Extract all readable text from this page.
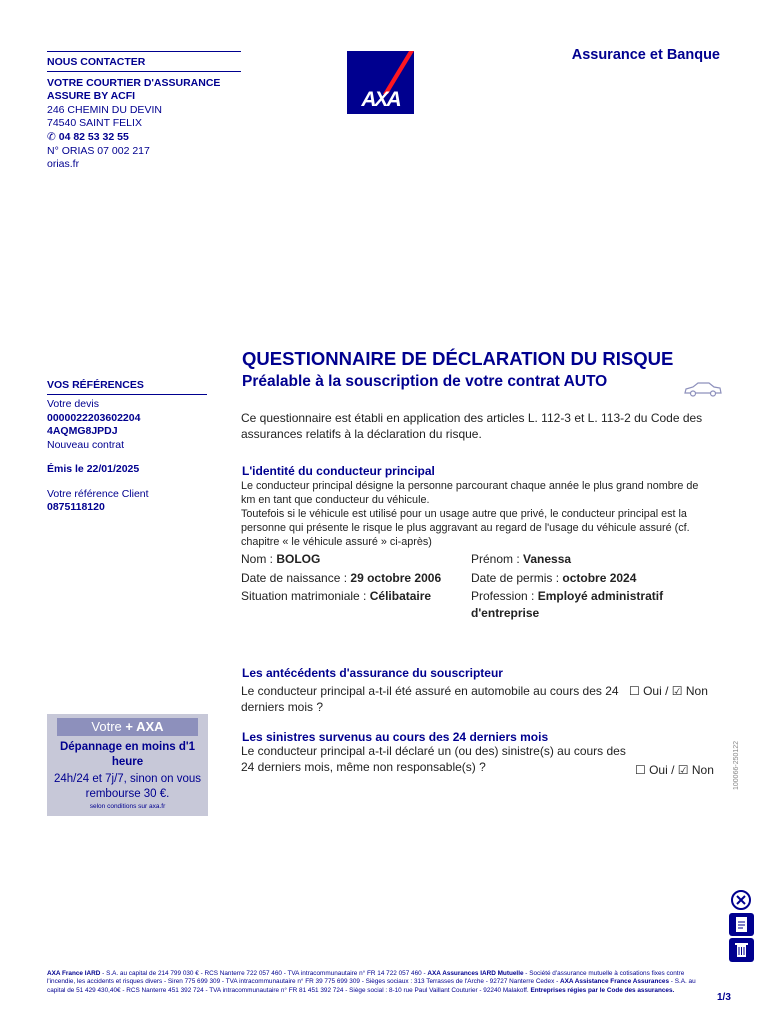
NOUS CONTACTER
VOTRE COURTIER D'ASSURANCE
ASSURE BY ACFI
246 CHEMIN DU DEVIN
74540 SAINT FELIX
✆ 04 82 53 32 55
N° ORIAS 07 002 217
orias.fr
AXA
Assurance et Banque
VOS RÉFÉRENCES
Votre devis
0000022203602204
4AQMG8JPDJ
Nouveau contrat
Émis le 22/01/2025
Votre référence Client
0875118120
QUESTIONNAIRE DE DÉCLARATION DU RISQUE
Préalable à la souscription de votre contrat AUTO
Ce questionnaire est établi en application des articles L. 112-3 et L. 113-2 du Code des
assurances relatifs à la déclaration du risque.
L'identité du conducteur principal
Le conducteur principal désigne la personne parcourant chaque année le plus grand nombre de
km en tant que conducteur du véhicule.
Toutefois si le véhicule est utilisé pour un usage autre que privé, le conducteur principal est la
personne qui présente le risque le plus aggravant au regard de l'usage du véhicule assuré (cf.
chapitre « le véhicule assuré » ci-après)
Nom : BOLOG	Prénom : Vanessa
Date de naissance : 29 octobre 2006 Date de permis : octobre 2024
Situation matrimoniale : Célibataire	Profession : Employé administratif
d'entreprise
Les antécédents d'assurance du souscripteur
Le conducteur principal a-t-il été assuré en automobile au cours des 24
derniers mois ?
☐ Oui / ☑ Non
Les sinistres survenus au cours des 24 derniers mois
Le conducteur principal a-t-il déclaré un (ou des) sinistre(s) au cours des
24 derniers mois, même non responsable(s) ?	☐ Oui / ☑ Non
Votre + AXA
Dépannage en moins d'1 heure
24h/24 et 7j/7, sinon on vous rembourse 30 €.
selon conditions sur axa.fr
100066-250122
AXA France IARD - S.A. au capital de 214 799 030 € - RCS Nanterre 722 057 460 - TVA intracommunautaire n° FR 14 722 057 460 - AXA Assurances IARD Mutuelle - Société d'assurance mutuelle à cotisations fixes contre l'incendie, les accidents et risques divers - Siren 775 699 309 - TVA intracommunautaire n° FR 39 775 699 309 - Sièges sociaux : 313 Terrasses de l'Arche - 92727 Nanterre Cedex - AXA Assistance France Assurances - S.A. au capital de 51 429 430,40€ - RCS Nanterre 451 392 724 - TVA intracommunautaire n° FR 81 451 392 724 - Siège social : 8-10 rue Paul Vaillant Couturier - 92240 Malakoff. Entreprises régies par le Code des assurances.
1/3
